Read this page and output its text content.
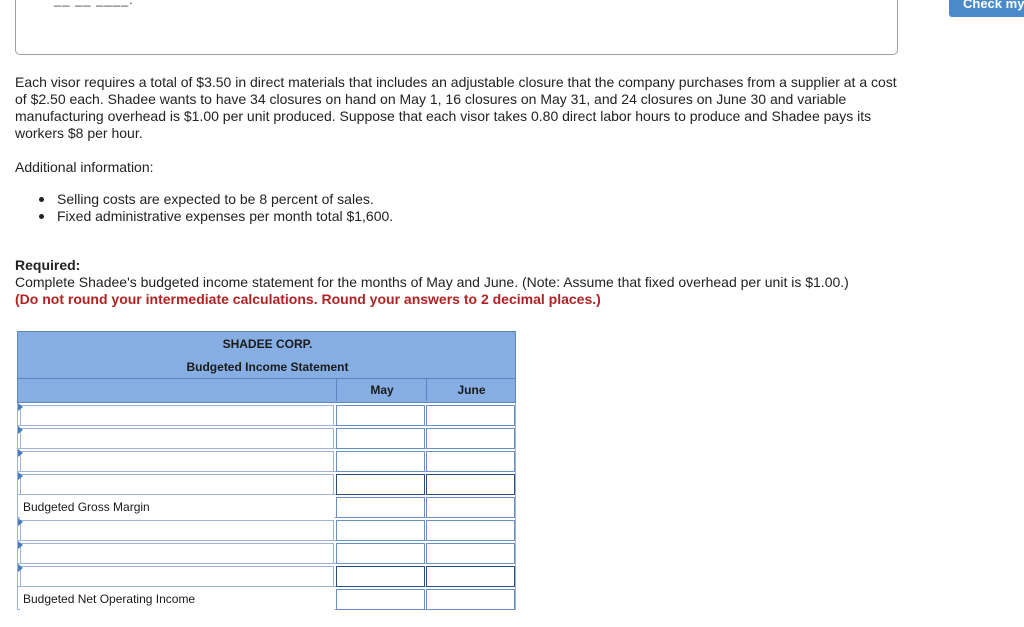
Check my

Each visor requires a total of $3.50 in direct materials that includes an adjustable closure that the company purchases from a supplier at a cost of $2.50 each. Shadee wants to have 34 closures on hand on May 1, 16 closures on May 31, and 24 closures on June 30 and variable manufacturing overhead is $1.00 per unit produced. Suppose that each visor takes 0.80 direct labor hours to produce and Shadee pays its workers $8 per hour.

Additional information:

Selling costs are expected to be 8 percent of sales.
Fixed administrative expenses per month total $1,600.

Required:

Complete Shadee's budgeted income statement for the months of May and June. (Note: Assume that fixed overhead per unit is $1.00.)

(Do not round your intermediate calculations. Round your answers to 2 decimal places.)

SHADEE CORP.
Budgeted Income Statement
May	June
Budgeted Gross Margin
Budgeted Net Operating Income
